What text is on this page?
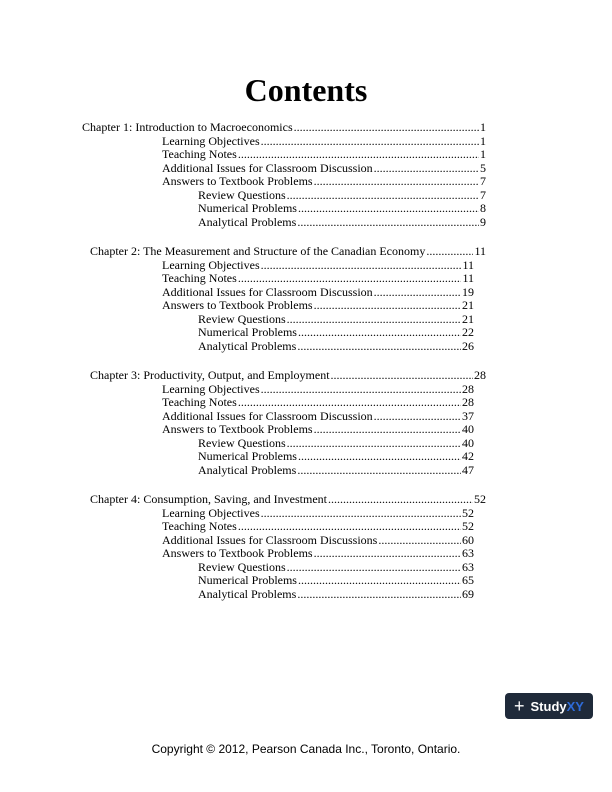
Contents
Chapter 1: Introduction to Macroeconomics .....	1
Learning Objectives .....	1
Teaching Notes .....	1
Additional Issues for Classroom Discussion .....	5
Answers to Textbook Problems .....	7
Review Questions .....	7
Numerical Problems .....	8
Analytical Problems .....	9
Chapter 2: The Measurement and Structure of the Canadian Economy .....	11
Learning Objectives .....	11
Teaching Notes .....	11
Additional Issues for Classroom Discussion .....	19
Answers to Textbook Problems .....	21
Review Questions .....	21
Numerical Problems .....	22
Analytical Problems .....	26
Chapter 3: Productivity, Output, and Employment .....	28
Learning Objectives .....	28
Teaching Notes .....	28
Additional Issues for Classroom Discussion .....	37
Answers to Textbook Problems .....	40
Review Questions .....	40
Numerical Problems .....	42
Analytical Problems .....	47
Chapter 4: Consumption, Saving, and Investment .....	52
Learning Objectives .....	52
Teaching Notes .....	52
Additional Issues for Classroom Discussions .....	60
Answers to Textbook Problems .....	63
Review Questions .....	63
Numerical Problems .....	65
Analytical Problems .....	69
+ StudyXY
Copyright © 2012, Pearson Canada Inc., Toronto, Ontario.
